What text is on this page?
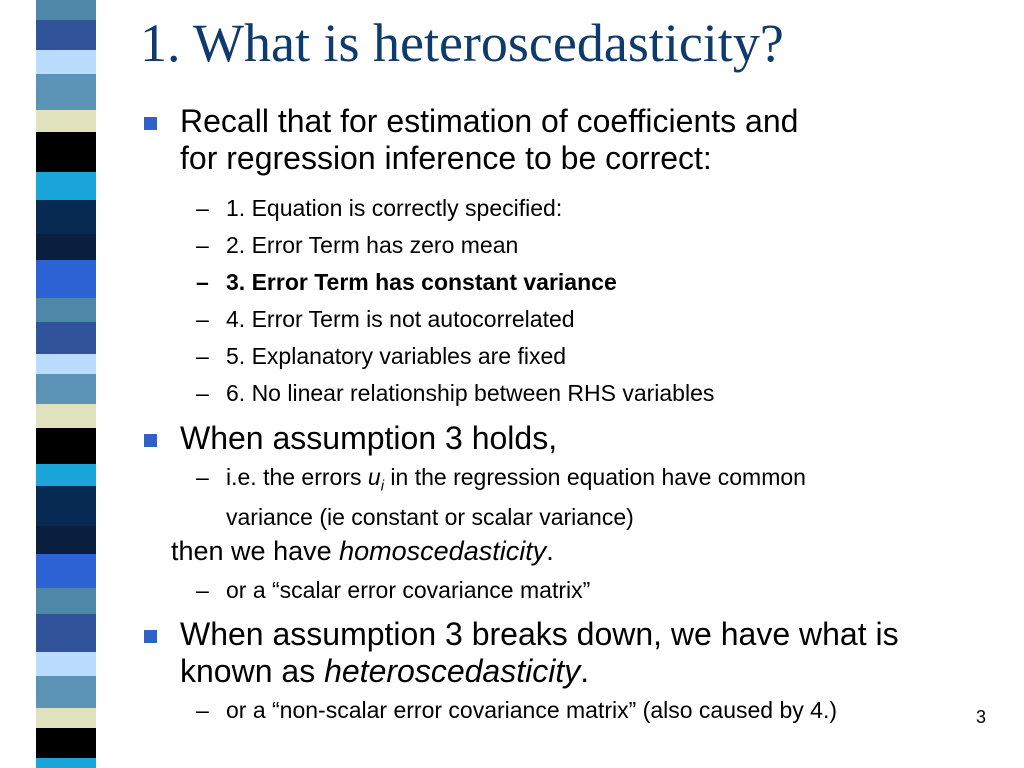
1. What is heteroscedasticity?
Recall that for estimation of coefficients and
for regression inference to be correct:
– 1. Equation is correctly specified:
– 2. Error Term has zero mean
– 3. Error Term has constant variance
– 4. Error Term is not autocorrelated
– 5. Explanatory variables are fixed
– 6. No linear relationship between RHS variables
When assumption 3 holds,
– i.e. the errors $u_i$ in the regression equation have common
variance (ie constant or scalar variance)
then we have homoscedasticity.
– or a “scalar error covariance matrix”
When assumption 3 breaks down, we have what is
known as heteroscedasticity.
– or a “non-scalar error covariance matrix” (also caused by 4.)	3
